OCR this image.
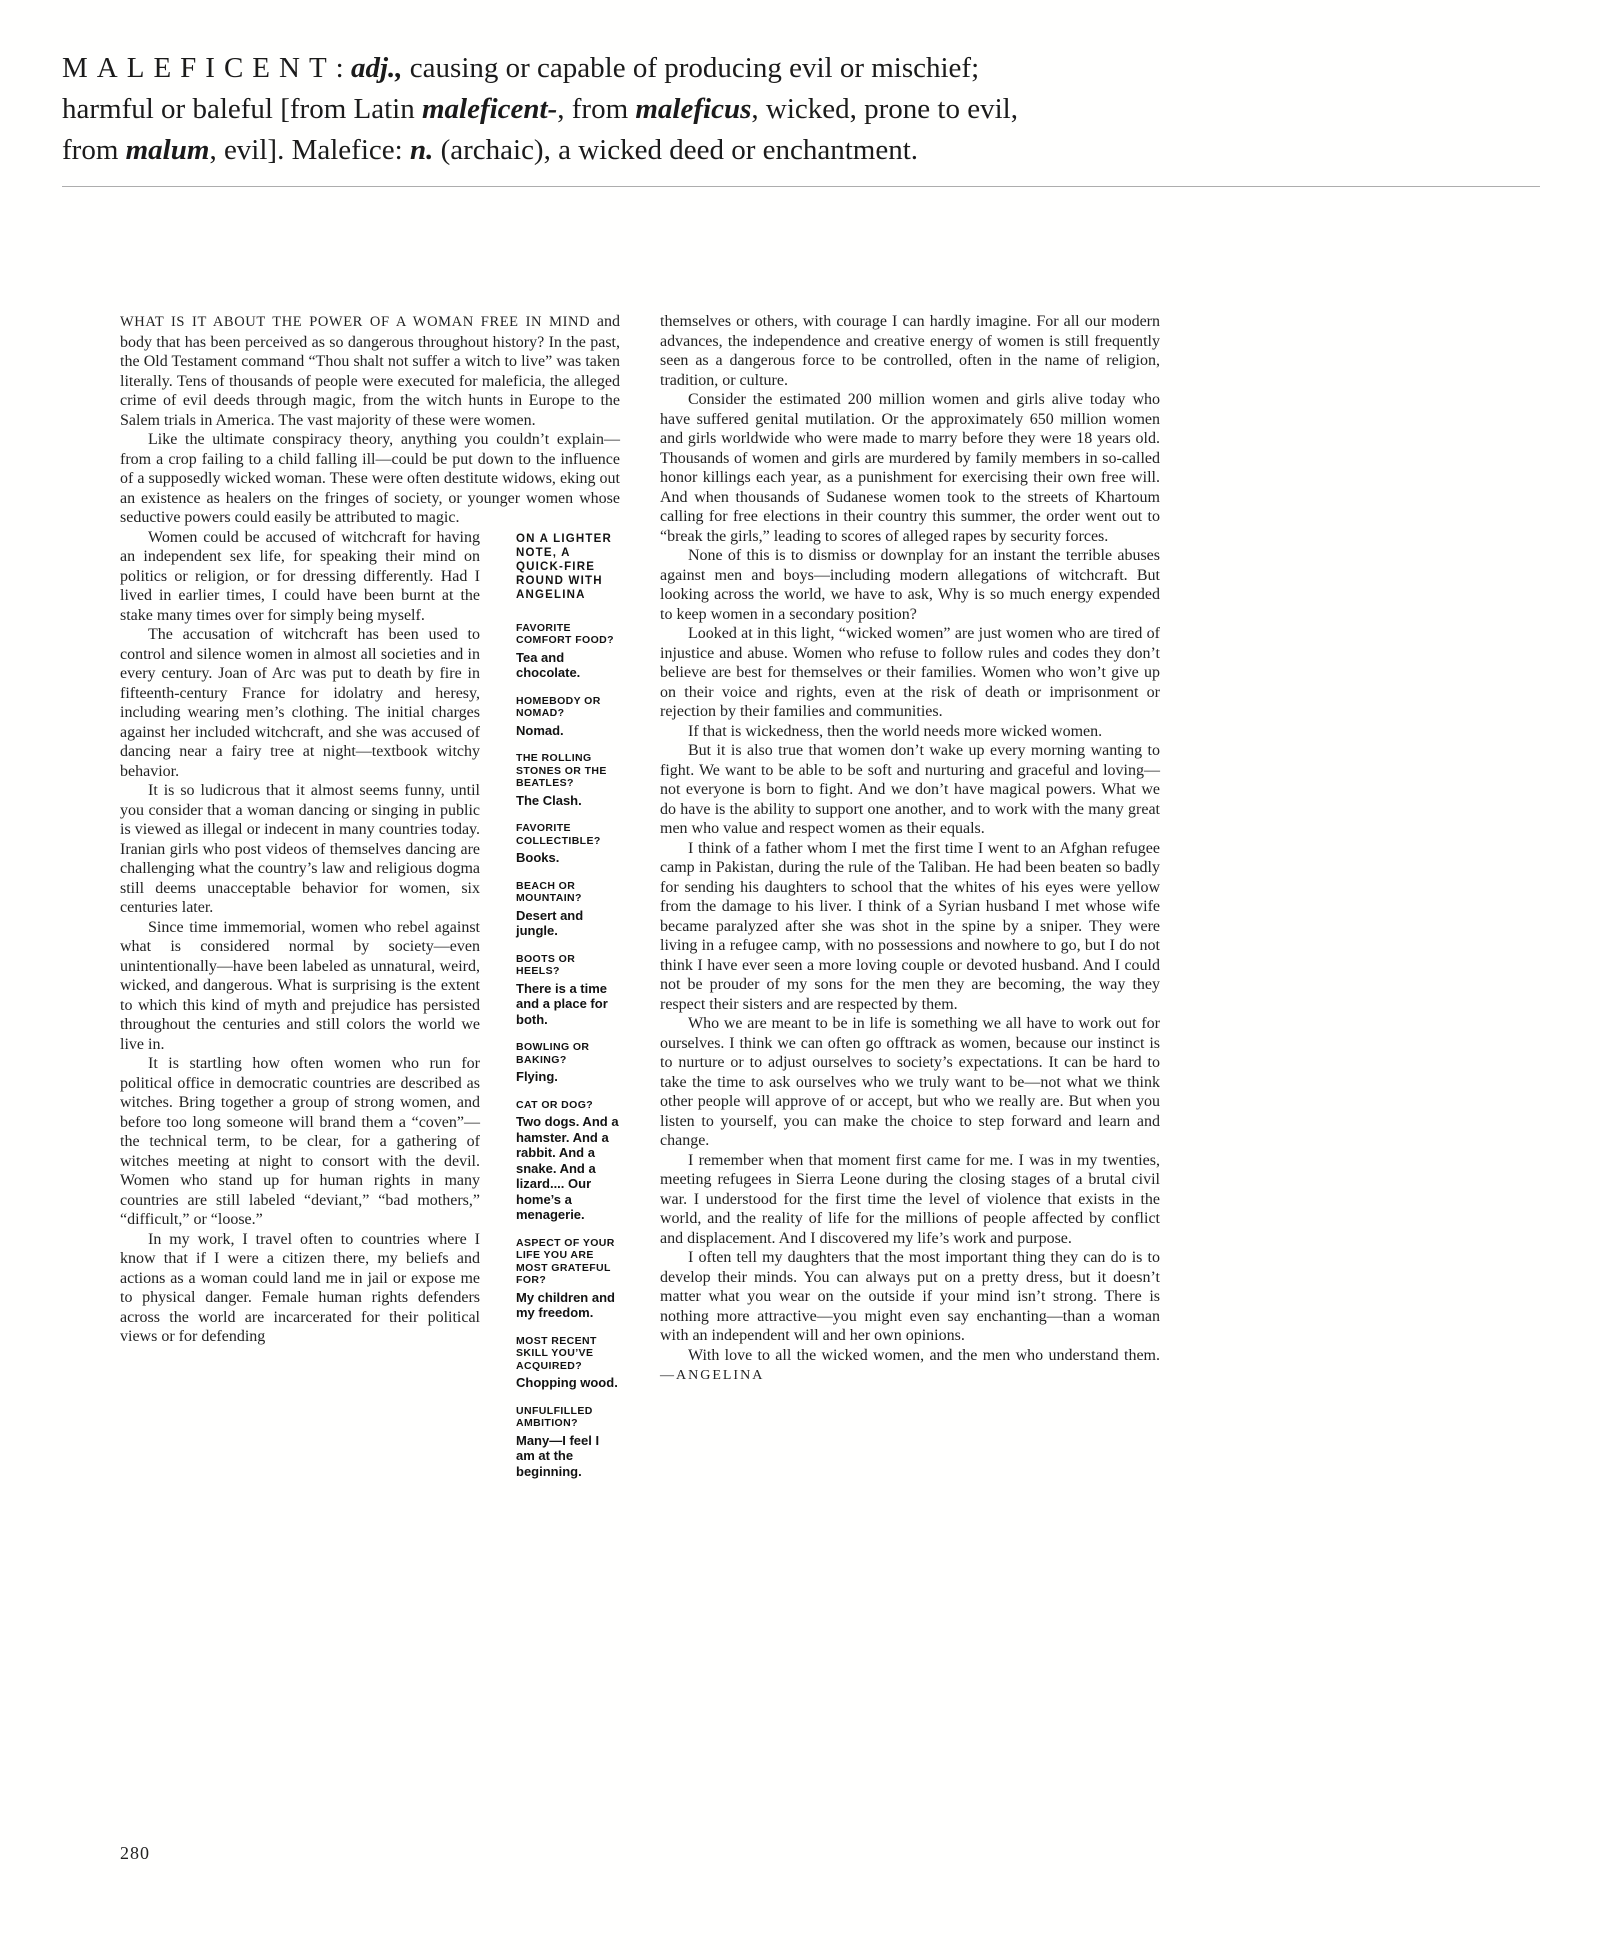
MALEFICENT: adj., causing or capable of producing evil or mischief;
harmful or baleful [from Latin maleficent-, from maleficus, wicked, prone to evil,
from malum, evil]. Malefice: n. (archaic), a wicked deed or enchantment.

WHAT IS IT ABOUT THE POWER OF A WOMAN FREE IN MIND and body that has been perceived as so dangerous throughout history? In the past, the Old Testament command “Thou shalt not suffer a witch to live” was taken literally. Tens of thousands of people were executed for maleficia, the alleged crime of evil deeds through magic, from the witch hunts in Europe to the Salem trials in America. The vast majority of these were women.

Like the ultimate conspiracy theory, anything you couldn’t explain—from a crop failing to a child falling ill—could be put down to the influence of a supposedly wicked woman. These were often destitute widows, eking out an existence as healers on the fringes of society, or younger women whose seductive powers could easily be attributed to magic.

ON A LIGHTER NOTE, A QUICK-FIRE ROUND WITH ANGELINA
FAVORITE COMFORT FOOD?
Tea and chocolate.
HOMEBODY OR NOMAD?
Nomad.
THE ROLLING STONES OR THE BEATLES?
The Clash.
FAVORITE COLLECTIBLE?
Books.
BEACH OR MOUNTAIN?
Desert and jungle.
BOOTS OR HEELS?
There is a time and a place for both.
BOWLING OR BAKING?
Flying.
CAT OR DOG?
Two dogs. And a hamster. And a rabbit. And a snake. And a lizard.... Our home’s a menagerie.
ASPECT OF YOUR LIFE YOU ARE MOST GRATEFUL FOR?
My children and my freedom.
MOST RECENT SKILL YOU’VE ACQUIRED?
Chopping wood.
UNFULFILLED AMBITION?
Many—I feel I am at the beginning.

Women could be accused of witchcraft for having an independent sex life, for speaking their mind on politics or religion, or for dressing differently. Had I lived in earlier times, I could have been burnt at the stake many times over for simply being myself.

The accusation of witchcraft has been used to control and silence women in almost all societies and in every century. Joan of Arc was put to death by fire in fifteenth-century France for idolatry and heresy, including wearing men’s clothing. The initial charges against her included witchcraft, and she was accused of dancing near a fairy tree at night—textbook witchy behavior.

It is so ludicrous that it almost seems funny, until you consider that a woman dancing or singing in public is viewed as illegal or indecent in many countries today. Iranian girls who post videos of themselves dancing are challenging what the country’s law and religious dogma still deems unacceptable behavior for women, six centuries later.

Since time immemorial, women who rebel against what is considered normal by society—even unintentionally—have been labeled as unnatural, weird, wicked, and dangerous. What is surprising is the extent to which this kind of myth and prejudice has persisted throughout the centuries and still colors the world we live in.

It is startling how often women who run for political office in democratic countries are described as witches. Bring together a group of strong women, and before too long someone will brand them a “coven”—the technical term, to be clear, for a gathering of witches meeting at night to consort with the devil. Women who stand up for human rights in many countries are still labeled “deviant,” “bad mothers,” “difficult,” or “loose.”

In my work, I travel often to countries where I know that if I were a citizen there, my beliefs and actions as a woman could land me in jail or expose me to physical danger. Female human rights defenders across the world are incarcerated for their political views or for defending

themselves or others, with courage I can hardly imagine. For all our modern advances, the independence and creative energy of women is still frequently seen as a dangerous force to be controlled, often in the name of religion, tradition, or culture.

Consider the estimated 200 million women and girls alive today who have suffered genital mutilation. Or the approximately 650 million women and girls worldwide who were made to marry before they were 18 years old. Thousands of women and girls are murdered by family members in so-called honor killings each year, as a punishment for exercising their own free will. And when thousands of Sudanese women took to the streets of Khartoum calling for free elections in their country this summer, the order went out to “break the girls,” leading to scores of alleged rapes by security forces.

None of this is to dismiss or downplay for an instant the terrible abuses against men and boys—including modern allegations of witchcraft. But looking across the world, we have to ask, Why is so much energy expended to keep women in a secondary position?

Looked at in this light, “wicked women” are just women who are tired of injustice and abuse. Women who refuse to follow rules and codes they don’t believe are best for themselves or their families. Women who won’t give up on their voice and rights, even at the risk of death or imprisonment or rejection by their families and communities.

If that is wickedness, then the world needs more wicked women.

But it is also true that women don’t wake up every morning wanting to fight. We want to be able to be soft and nurturing and graceful and loving—not everyone is born to fight. And we don’t have magical powers. What we do have is the ability to support one another, and to work with the many great men who value and respect women as their equals.

I think of a father whom I met the first time I went to an Afghan refugee camp in Pakistan, during the rule of the Taliban. He had been beaten so badly for sending his daughters to school that the whites of his eyes were yellow from the damage to his liver. I think of a Syrian husband I met whose wife became paralyzed after she was shot in the spine by a sniper. They were living in a refugee camp, with no possessions and nowhere to go, but I do not think I have ever seen a more loving couple or devoted husband. And I could not be prouder of my sons for the men they are becoming, the way they respect their sisters and are respected by them.

Who we are meant to be in life is something we all have to work out for ourselves. I think we can often go offtrack as women, because our instinct is to nurture or to adjust ourselves to society’s expectations. It can be hard to take the time to ask ourselves who we truly want to be—not what we think other people will approve of or accept, but who we really are. But when you listen to yourself, you can make the choice to step forward and learn and change.

I remember when that moment first came for me. I was in my twenties, meeting refugees in Sierra Leone during the closing stages of a brutal civil war. I understood for the first time the level of violence that exists in the world, and the reality of life for the millions of people affected by conflict and displacement. And I discovered my life’s work and purpose.

I often tell my daughters that the most important thing they can do is to develop their minds. You can always put on a pretty dress, but it doesn’t matter what you wear on the outside if your mind isn’t strong. There is nothing more attractive—you might even say enchanting—than a woman with an independent will and her own opinions.

With love to all the wicked women, and the men who understand them. —ANGELINA

280
